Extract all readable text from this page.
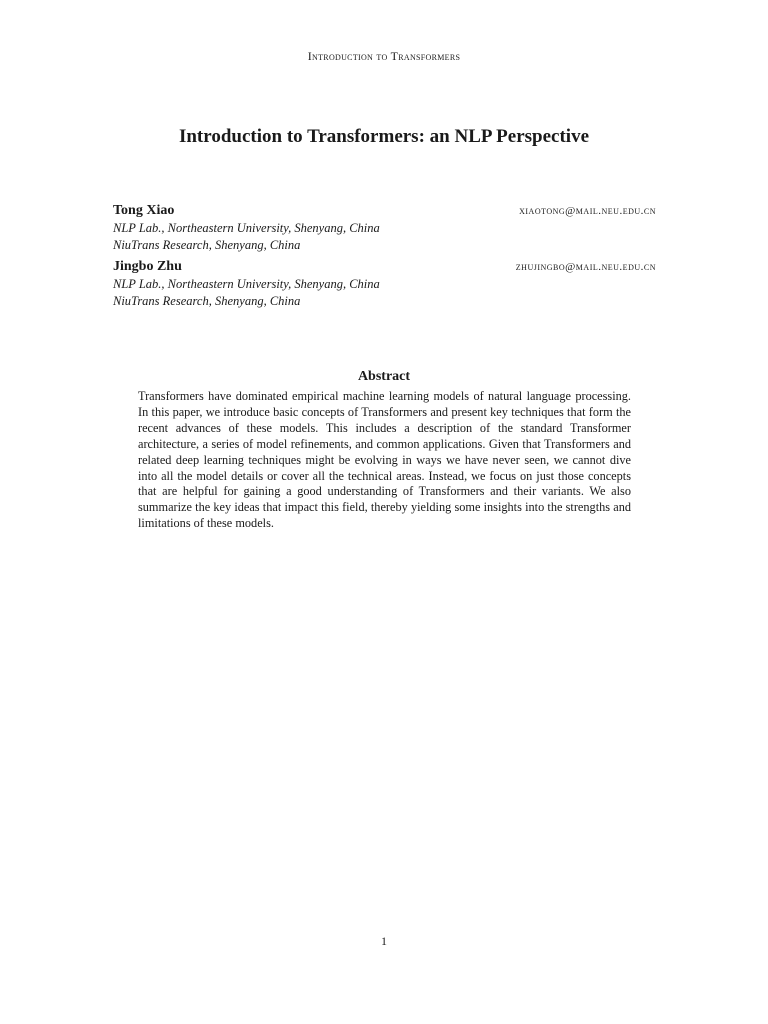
Introduction to Transformers
Introduction to Transformers: an NLP Perspective
Tong Xiao	xiaotong@mail.neu.edu.cn
NLP Lab., Northeastern University, Shenyang, China
NiuTrans Research, Shenyang, China
Jingbo Zhu	zhujingbo@mail.neu.edu.cn
NLP Lab., Northeastern University, Shenyang, China
NiuTrans Research, Shenyang, China
Abstract
Transformers have dominated empirical machine learning models of natural language processing. In this paper, we introduce basic concepts of Transformers and present key techniques that form the recent advances of these models. This includes a description of the standard Transformer architecture, a series of model refinements, and common applications. Given that Transformers and related deep learning techniques might be evolving in ways we have never seen, we cannot dive into all the model details or cover all the technical areas. Instead, we focus on just those concepts that are helpful for gaining a good understanding of Transformers and their variants. We also summarize the key ideas that impact this field, thereby yielding some insights into the strengths and limitations of these models.
1
